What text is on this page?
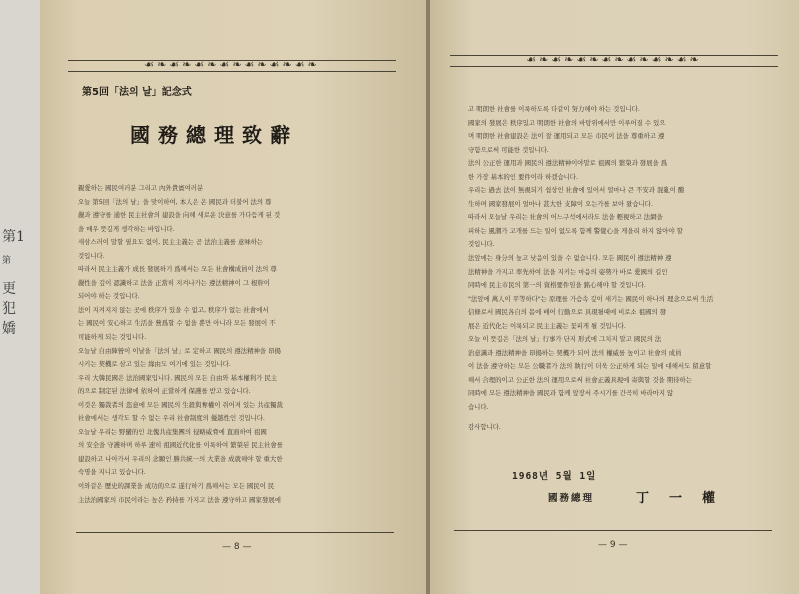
第1
第
更
犯
嬌
☙❧☙❧☙❧☙❧☙❧☙❧☙❧
第5回「法의 날」記念式
國務總理致辭

親愛하는 國民여러분 그리고 內外貴賓여러분

오늘 第5回「法의 날」을 맞이하여, 本人은 온 國民과 더불어 法의 尊

嚴과 遵守를 通한 民主社會의 建設을 向해 새로운 決意를 가다듬게 된 것

을 매우 뜻깊게 생각하는 바입니다.

새삼스러이 말할 필요도 없이, 民主主義는 곧 法治主義를 意味하는

것입니다.

따라서 民主主義가 成長 發展하기 爲해서는 모든 社會構成員이 法의 尊

嚴性을 깊이 認識하고 法을 正當히 지켜나가는 遵法精神이 그 根幹이

되어야 하는 것입니다.

法이 지켜지지 않는 곳에 秩序가 있을 수 없고, 秩序가 없는 社會에서

는 國民이 安心하고 生活을 營爲할 수 없을 뿐만 아니라 모든 發展이 不

可能하게 되는 것입니다.

오늘날 自由陣營이 이날을「法의 날」로 定하고 國民의 遵法精神을 昂揚

시키는 契機로 삼고 있는 緣由도 여기에 있는 것입니다.

우리 大韓民國은 法治國家입니다. 國民의 모든 自由와 基本權利가 民主

的으로 制定된 法律에 依하여 正當하게 保護를 받고 있습니다.

이것은 獨裁者의 恣意에 모든 國民의 生殺與奪權이 쥐어져 있는 共産獨裁

社會에서는 생각도 할 수 없는 우리 社會制度의 優越性인 것입니다.

오늘날 우리는 野蠻的인 北傀共産集團의 侵略威脅에 直面하여 祖國

의 安全을 守護하며 하루 速히 祖國近代化를 이룩하여 繁榮된 民主社會를

建設하고 나아가서 우리의 念願인 勝共統一의 大業을 成就해야 할 重大한

숙명을 지니고 있습니다.

이와같은 歷史的課業을 成功的으로 遂行하기 爲해서는 모든 國民이 民

主法治國家의 市民이라는 높은 矜持를 가지고 法을 遵守하고 國家發展에

— 8 —
☙❧☙❧☙❧☙❧☙❧☙❧☙❧

고 明朗한 社會를 이룩하도록 다같이 努力해야 하는 것입니다.

國家의 發展은 秩序있고 明朗한 社會의 바탕위에서만 이루어질 수 있으

며 明朗한 社會建設은 法이 잘 運用되고 모든 市民이 法을 尊重하고 遵

守함으로써 可能한 것입니다.

法의 公正한 運用과 國民의 遵法精神이야말로 祖國의 繁榮과 發展을 爲

한 가장 基本的인 要件이라 하겠습니다.

우리는 過去 法이 無視되기 쉽상인 社會에 있어서 얼마나 큰 不安과 混亂이 醱

生하며 國家發展이 얼마나 甚大한 支障이 오는가를 보아 왔습니다.

따라서 오늘날 우리는 社會의 어느구석에서라도 法을 輕視하고 法網을

피하는 風潮가 고개를 드는 일이 없도록 함께 警覺心을 게을리 하지 않아야 할

것입니다.

法앞에는 身分의 높고 낮음이 있을 수 없습니다. 모든 國民이 遵法精神 遵

法精神을 가지고 率先하여 法을 지키는 마음의 姿勢가 바로 愛國의 길인

同時에 民主市民의 第一의 資格要件임을 銘心해야 할 것입니다.

"法앞에 萬人이 平等하다"는 原理를 가슴속 깊이 새기는 國民이 하나의 理念으로써 生活

信條로서 國民各自의 몸에 배어 行動으로 具現될때에 비로소 祖國의 發

展은 近代化는 이룩되고 民主主義는 꽃피게 될 것입니다.

오늘 이 뜻깊은「法의 날」行事가 단지 形式에 그치지 말고 國民의 法

治意識과 遵法精神을 昂揚하는 契機가 되어 法의 權威를 높이고 社會의 成員

이 法을 遵守하는 모든 公職者가 法의 執行이 더욱 公正하게 되는 일에 대해서도 留意할

해서 合理的이고 公正한 法의 運用으로써 社會正義具現에 寄與할 것을 期待하는

同時에 모든 遵法精神을 國民과 함께 앞장서 주시기를 간곡히 바라마지 않

습니다.

감사합니다.

1968년 5월 1일
國務總理	丁一權
— 9 —
